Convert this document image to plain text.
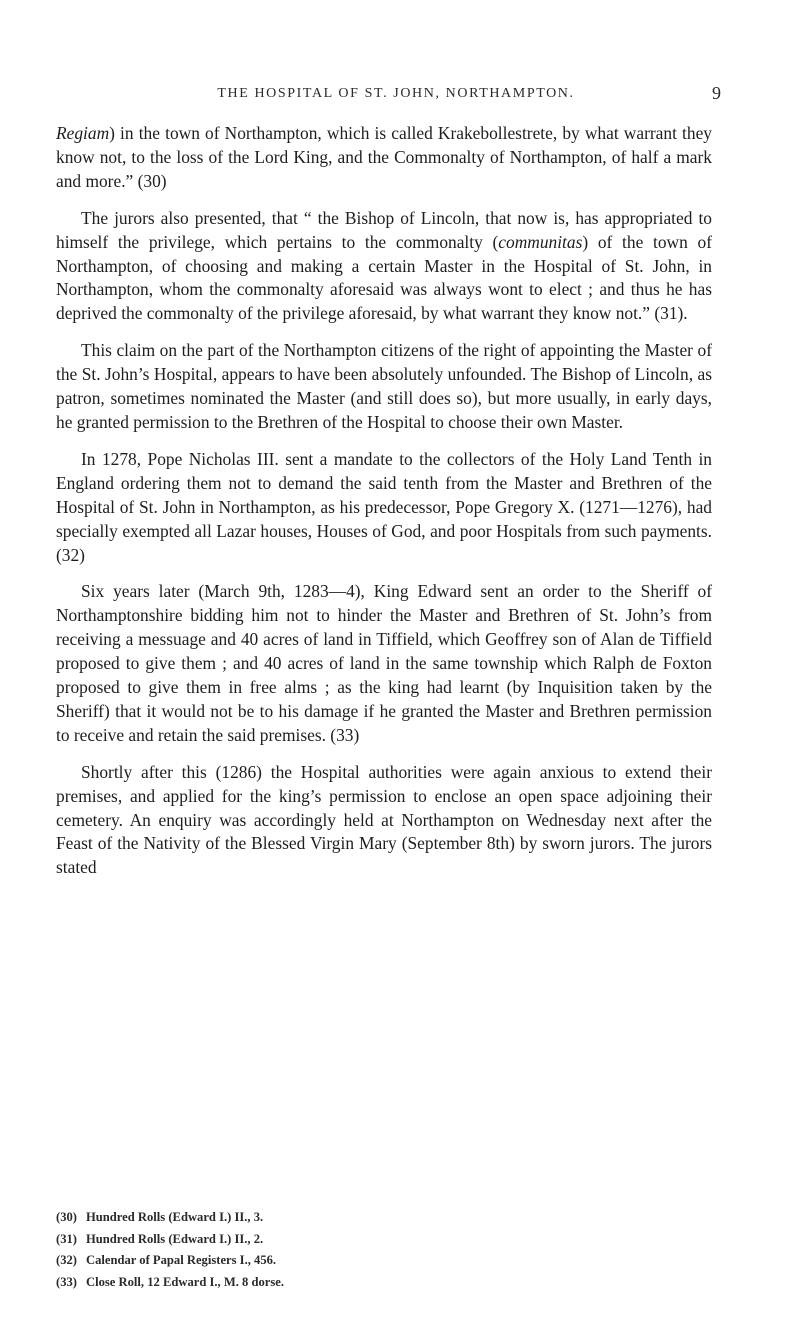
THE HOSPITAL OF ST. JOHN, NORTHAMPTON.	9

Regiam) in the town of Northampton, which is called Krakebollestrete, by what warrant they know not, to the loss of the Lord King, and the Commonalty of Northampton, of half a mark and more.” (30)

The jurors also presented, that “ the Bishop of Lincoln, that now is, has appropriated to himself the privilege, which pertains to the commonalty (communitas) of the town of Northampton, of choosing and making a certain Master in the Hospital of St. John, in Northampton, whom the commonalty aforesaid was always wont to elect ; and thus he has deprived the commonalty of the privilege aforesaid, by what warrant they know not.” (31).

This claim on the part of the Northampton citizens of the right of appointing the Master of the St. John’s Hospital, appears to have been absolutely unfounded. The Bishop of Lincoln, as patron, sometimes nominated the Master (and still does so), but more usually, in early days, he granted permission to the Brethren of the Hospital to choose their own Master.

In 1278, Pope Nicholas III. sent a mandate to the collectors of the Holy Land Tenth in England ordering them not to demand the said tenth from the Master and Brethren of the Hospital of St. John in Northampton, as his predecessor, Pope Gregory X. (1271—1276), had specially exempted all Lazar houses, Houses of God, and poor Hospitals from such payments. (32)

Six years later (March 9th, 1283—4), King Edward sent an order to the Sheriff of Northamptonshire bidding him not to hinder the Master and Brethren of St. John’s from receiving a messuage and 40 acres of land in Tiffield, which Geoffrey son of Alan de Tiffield proposed to give them ; and 40 acres of land in the same township which Ralph de Foxton proposed to give them in free alms ; as the king had learnt (by Inquisition taken by the Sheriff) that it would not be to his damage if he granted the Master and Brethren permission to receive and retain the said premises. (33)

Shortly after this (1286) the Hospital authorities were again anxious to extend their premises, and applied for the king’s permission to enclose an open space adjoining their cemetery. An enquiry was accordingly held at Northampton on Wednesday next after the Feast of the Nativity of the Blessed Virgin Mary (September 8th) by sworn jurors. The jurors stated

(30) Hundred Rolls (Edward I.) II., 3.
(31) Hundred Rolls (Edward I.) II., 2.
(32) Calendar of Papal Registers I., 456.
(33) Close Roll, 12 Edward I., M. 8 dorse.
